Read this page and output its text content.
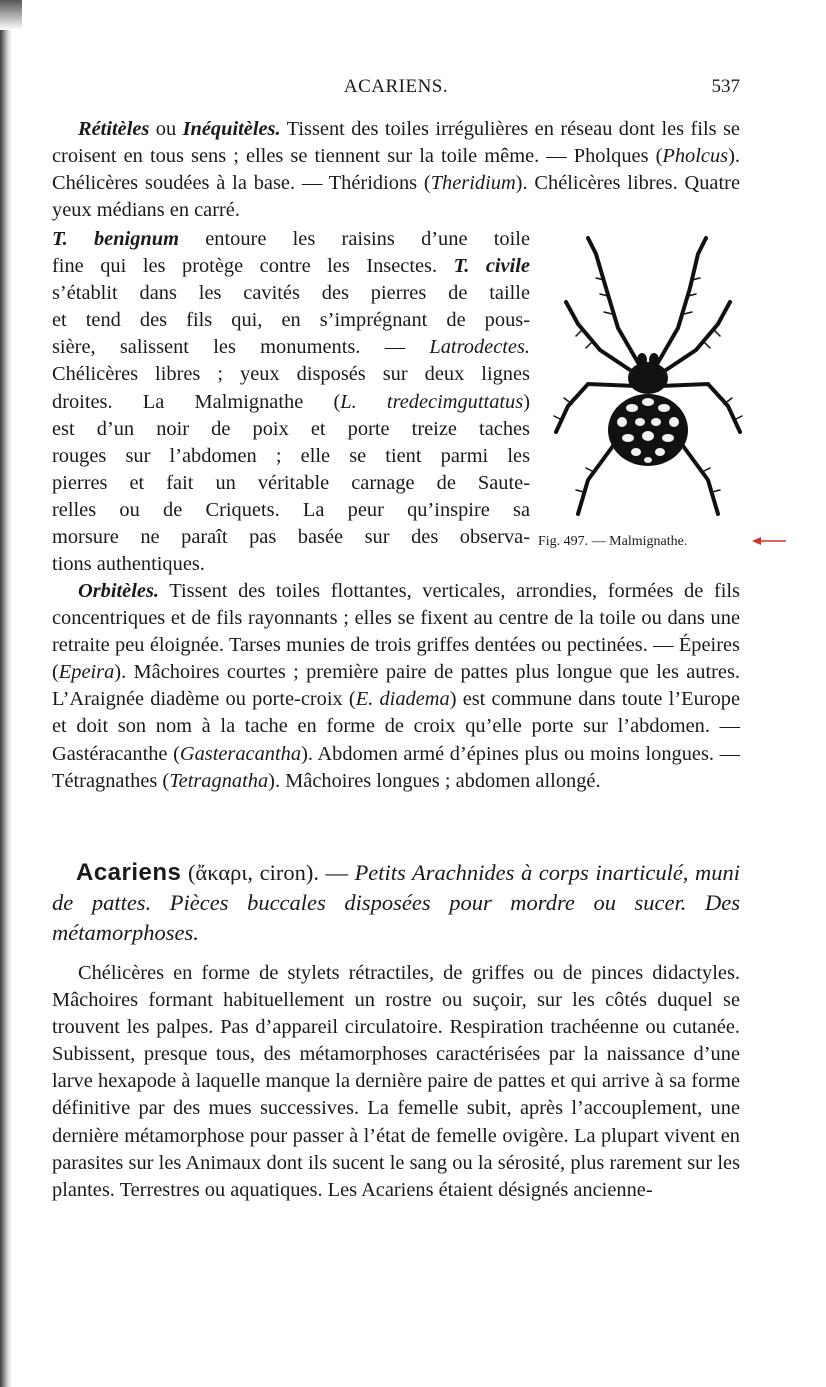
ACARIENS.	537

Rétitèles ou Inéquitèles. Tissent des toiles irrégulières en réseau dont les fils se croisent en tous sens ; elles se tiennent sur la toile même. — Pholques (Pholcus). Chélicères soudées à la base. — Théridions (Theridium). Chélicères libres. Quatre yeux médians en carré.

T. benignum entoure les raisins d’une toile
fine qui les protège contre les Insectes. T. civile
s’établit dans les cavités des pierres de taille
et tend des fils qui, en s’imprégnant de pous-
sière, salissent les monuments. — Latrodectes.
Chélicères libres ; yeux disposés sur deux lignes
droites. La Malmignathe (L. tredecimguttatus)
est d’un noir de poix et porte treize taches
rouges sur l’abdomen ; elle se tient parmi les
pierres et fait un véritable carnage de Saute-
relles ou de Criquets. La peur qu’inspire sa
morsure ne paraît pas basée sur des observa-
tions authentiques.
Fig. 497. — Malmignathe.

Orbitèles. Tissent des toiles flottantes, verticales, arrondies, formées de fils concentriques et de fils rayonnants ; elles se fixent au centre de la toile ou dans une retraite peu éloignée. Tarses munies de trois griffes dentées ou pectinées. — Épeires (Epeira). Mâchoires courtes ; première paire de pattes plus longue que les autres. L’Araignée diadème ou porte-croix (E. diadema) est commune dans toute l’Europe et doit son nom à la tache en forme de croix qu’elle porte sur l’abdomen. — Gastéracanthe (Gasteracantha). Abdomen armé d’épines plus ou moins longues. — Tétragnathes (Tetragnatha). Mâchoires longues ; abdomen allongé.

Acariens (ἄκαρι, ciron). — Petits Arachnides à corps inarticulé, muni de pattes. Pièces buccales disposées pour mordre ou sucer. Des métamorphoses.

Chélicères en forme de stylets rétractiles, de griffes ou de pinces didactyles. Mâchoires formant habituellement un rostre ou suçoir, sur les côtés duquel se trouvent les palpes. Pas d’appareil circulatoire. Respiration trachéenne ou cutanée. Subissent, presque tous, des métamorphoses caractérisées par la naissance d’une larve hexapode à laquelle manque la dernière paire de pattes et qui arrive à sa forme définitive par des mues successives. La femelle subit, après l’accouplement, une dernière métamorphose pour passer à l’état de femelle ovigère. La plupart vivent en parasites sur les Animaux dont ils sucent le sang ou la sérosité, plus rarement sur les plantes. Terrestres ou aquatiques. Les Acariens étaient désignés ancienne-
